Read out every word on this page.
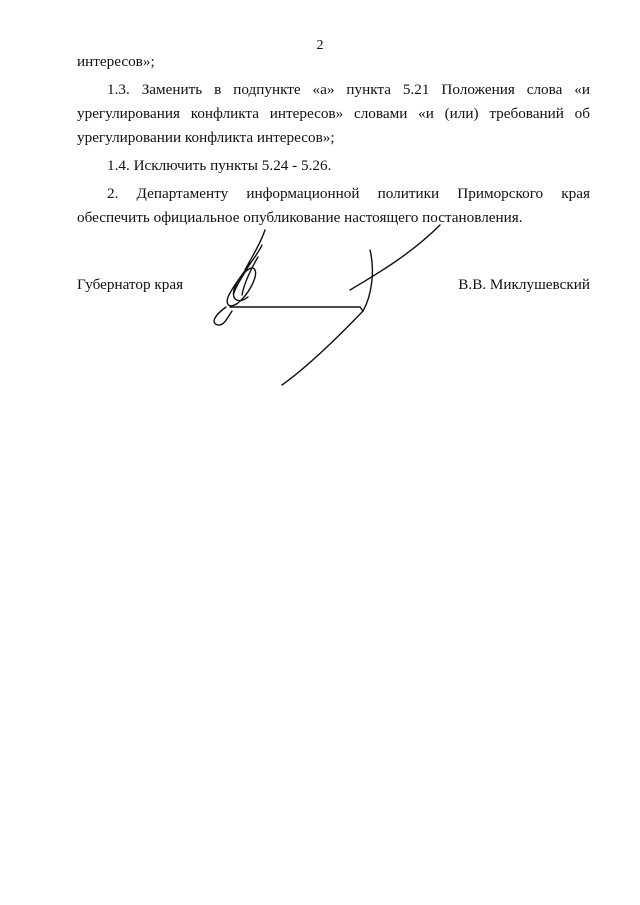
2

интересов»;

1.3. Заменить в подпункте «а» пункта 5.21 Положения слова «и урегулирования конфликта интересов» словами «и (или) требований об урегулировании конфликта интересов»;

1.4. Исключить пункты 5.24 - 5.26.

2. Департаменту информационной политики Приморского края обеспечить официальное опубликование настоящего постановления.

Губернатор края	В.В. Миклушевский
